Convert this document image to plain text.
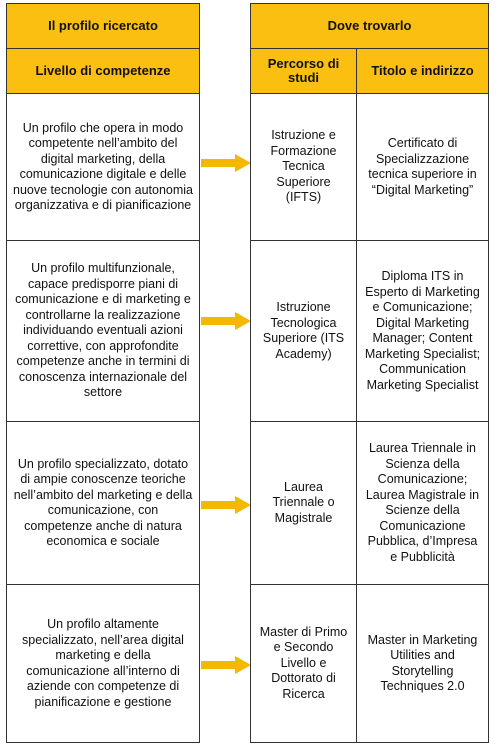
Il profilo ricercato
Livello di competenze
Un profilo che opera in modo competente nell’ambito del digital marketing, della comunicazione digitale e delle nuove tecnologie con autonomia organizzativa e di pianificazione
Un profilo multifunzionale, capace predisporre piani di comunicazione e di marketing e controllarne la realizzazione individuando eventuali azioni correttive, con approfondite competenze anche in termini di conoscenza internazionale del settore
Un profilo specializzato, dotato di ampie conoscenze teoriche nell’ambito del marketing e della comunicazione, con competenze anche di natura economica e sociale
Un profilo altamente specializzato, nell’area digital marketing e della comunicazione all’interno di aziende con competenze di pianificazione e gestione
Dove trovarlo
Percorso di studi	Titolo e indirizzo
Istruzione e Formazione Tecnica Superiore (IFTS)
Certificato di Specializzazione tecnica superiore in “Digital Marketing”
Istruzione Tecnologica Superiore (ITS Academy)
Diploma ITS in Esperto di Marketing e Comunicazione; Digital Marketing Manager; Content Marketing Specialist; Communication Marketing Specialist
Laurea Triennale o Magistrale
Laurea Triennale in Scienza della Comunicazione; Laurea Magistrale in Scienze della Comunicazione Pubblica, d’Impresa e Pubblicità
Master di Primo e Secondo Livello e Dottorato di Ricerca
Master in Marketing Utilities and Storytelling Techniques 2.0
